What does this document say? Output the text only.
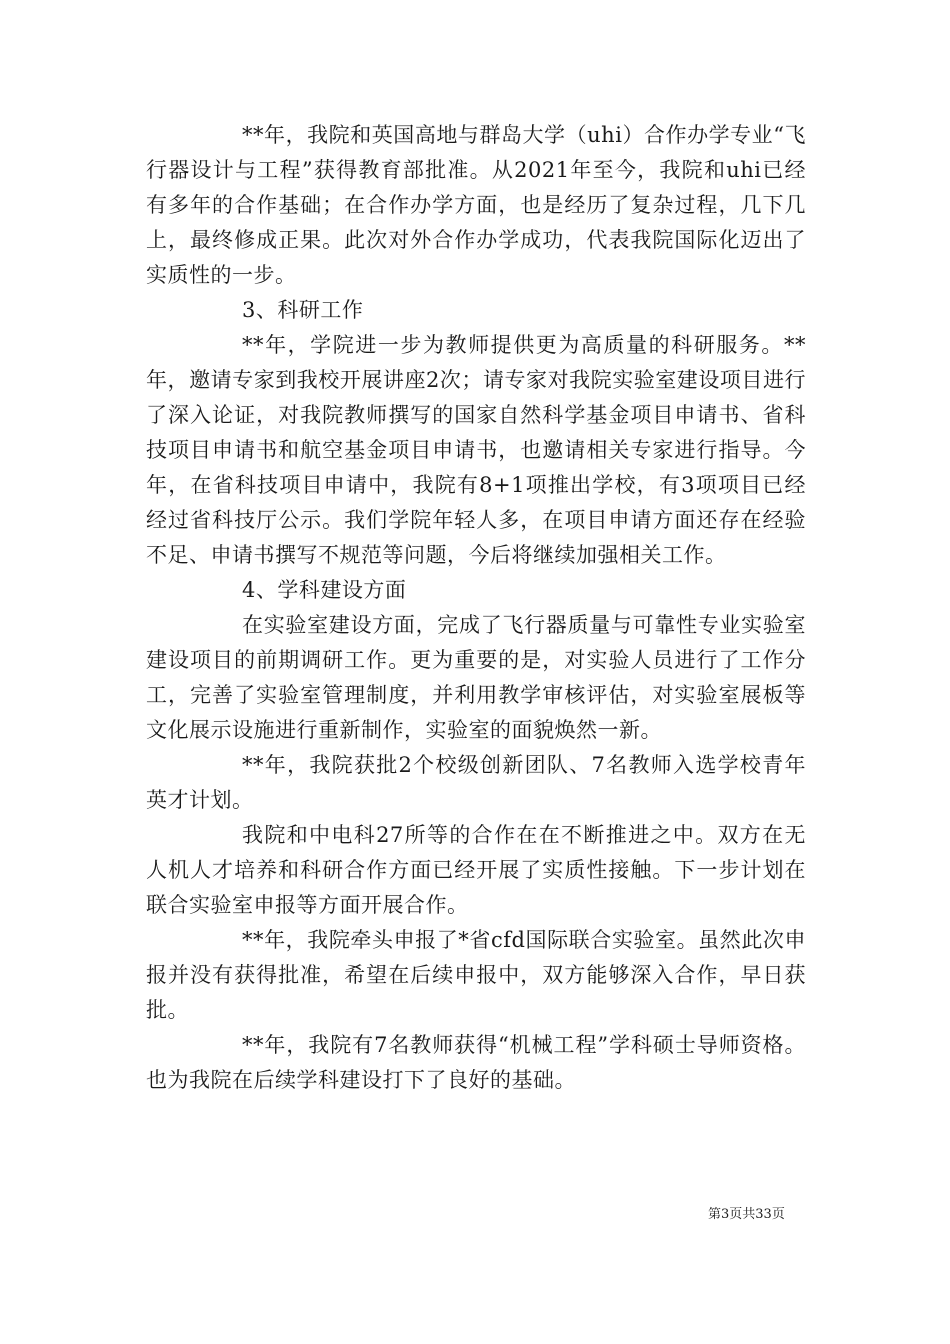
**年，我院和英国高地与群岛大学（uhi）合作办学专业“飞行器设计与工程”获得教育部批准。从2021年至今，我院和uhi已经有多年的合作基础；在合作办学方面，也是经历了复杂过程，几下几上，最终修成正果。此次对外合作办学成功，代表我院国际化迈出了实质性的一步。

3、科研工作

**年，学院进一步为教师提供更为高质量的科研服务。**年，邀请专家到我校开展讲座2次；请专家对我院实验室建设项目进行了深入论证，对我院教师撰写的国家自然科学基金项目申请书、省科技项目申请书和航空基金项目申请书，也邀请相关专家进行指导。今年，在省科技项目申请中，我院有8+1项推出学校，有3项项目已经经过省科技厅公示。我们学院年轻人多，在项目申请方面还存在经验不足、申请书撰写不规范等问题，今后将继续加强相关工作。

4、学科建设方面

在实验室建设方面，完成了飞行器质量与可靠性专业实验室建设项目的前期调研工作。更为重要的是，对实验人员进行了工作分工，完善了实验室管理制度，并利用教学审核评估，对实验室展板等文化展示设施进行重新制作，实验室的面貌焕然一新。

**年，我院获批2个校级创新团队、7名教师入选学校青年英才计划。

我院和中电科27所等的合作在在不断推进之中。双方在无人机人才培养和科研合作方面已经开展了实质性接触。下一步计划在联合实验室申报等方面开展合作。

**年，我院牵头申报了*省cfd国际联合实验室。虽然此次申报并没有获得批准，希望在后续申报中，双方能够深入合作，早日获批。

**年，我院有7名教师获得“机械工程”学科硕士导师资格。也为我院在后续学科建设打下了良好的基础。

第3页共33页
